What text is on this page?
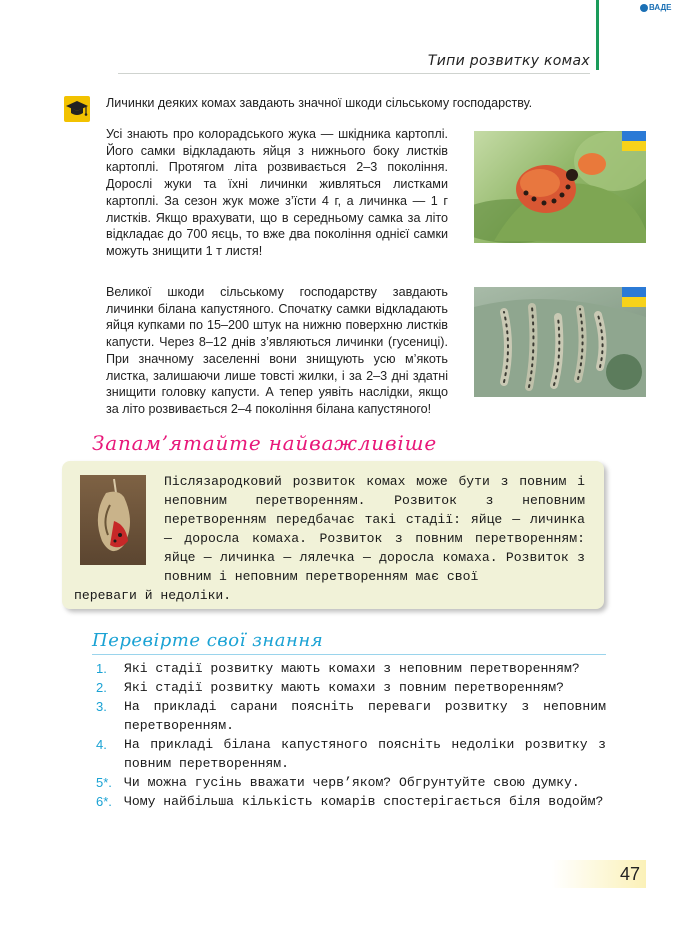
ВАДЕ
Типи розвитку комах
Личинки деяких комах завдають значної шкоди сільському господарству.
Усі знають про колорадського жука — шкідника картоплі. Його самки відкладають яйця з нижнього боку листків картоплі. Протягом літа розвивається 2–3 покоління. Дорослі жуки та їхні личинки живляться листками картоплі. За сезон жук може з’їсти 4 г, а личинка — 1 г листків. Якщо врахувати, що в середньому самка за літо відкладає до 700 яєць, то вже два покоління однієї самки можуть знищити 1 т листя!
Великої шкоди сільському господарству завдають личинки білана капустяного. Спочатку самки відкладають яйця купками по 15–200 штук на нижню поверхню листків капусти. Через 8–12 днів з’являються личинки (гусениці). При значному заселенні вони знищують усю м’якоть листка, залишаючи лише товсті жилки, і за 2–3 дні здатні знищити головку капусти. А тепер уявіть наслідки, якщо за літо розвивається 2–4 покоління білана капустяного!
Запам’ятайте найважливіше
Післязародковий розвиток комах може бути з повним і неповним перетворенням. Розвиток з неповним перетворенням передбачає такі стадії: яйце — личинка — доросла комаха. Розвиток з повним перетворенням: яйце — личинка — лялечка — доросла комаха. Розвиток з повним і неповним перетворенням має свої
переваги й недоліки.
Перевірте свої знання
1. Які стадії розвитку мають комахи з неповним перетворенням?
2. Які стадії розвитку мають комахи з повним перетворенням?
3. На прикладі сарани поясніть переваги розвитку з неповним перетворенням.
4. На прикладі білана капустяного поясніть недоліки розвитку з повним перетворенням.
5*. Чи можна гусінь вважати черв’яком? Обгрунтуйте свою думку.
6*. Чому найбільша кількість комарів спостерігається біля водойм?
47
